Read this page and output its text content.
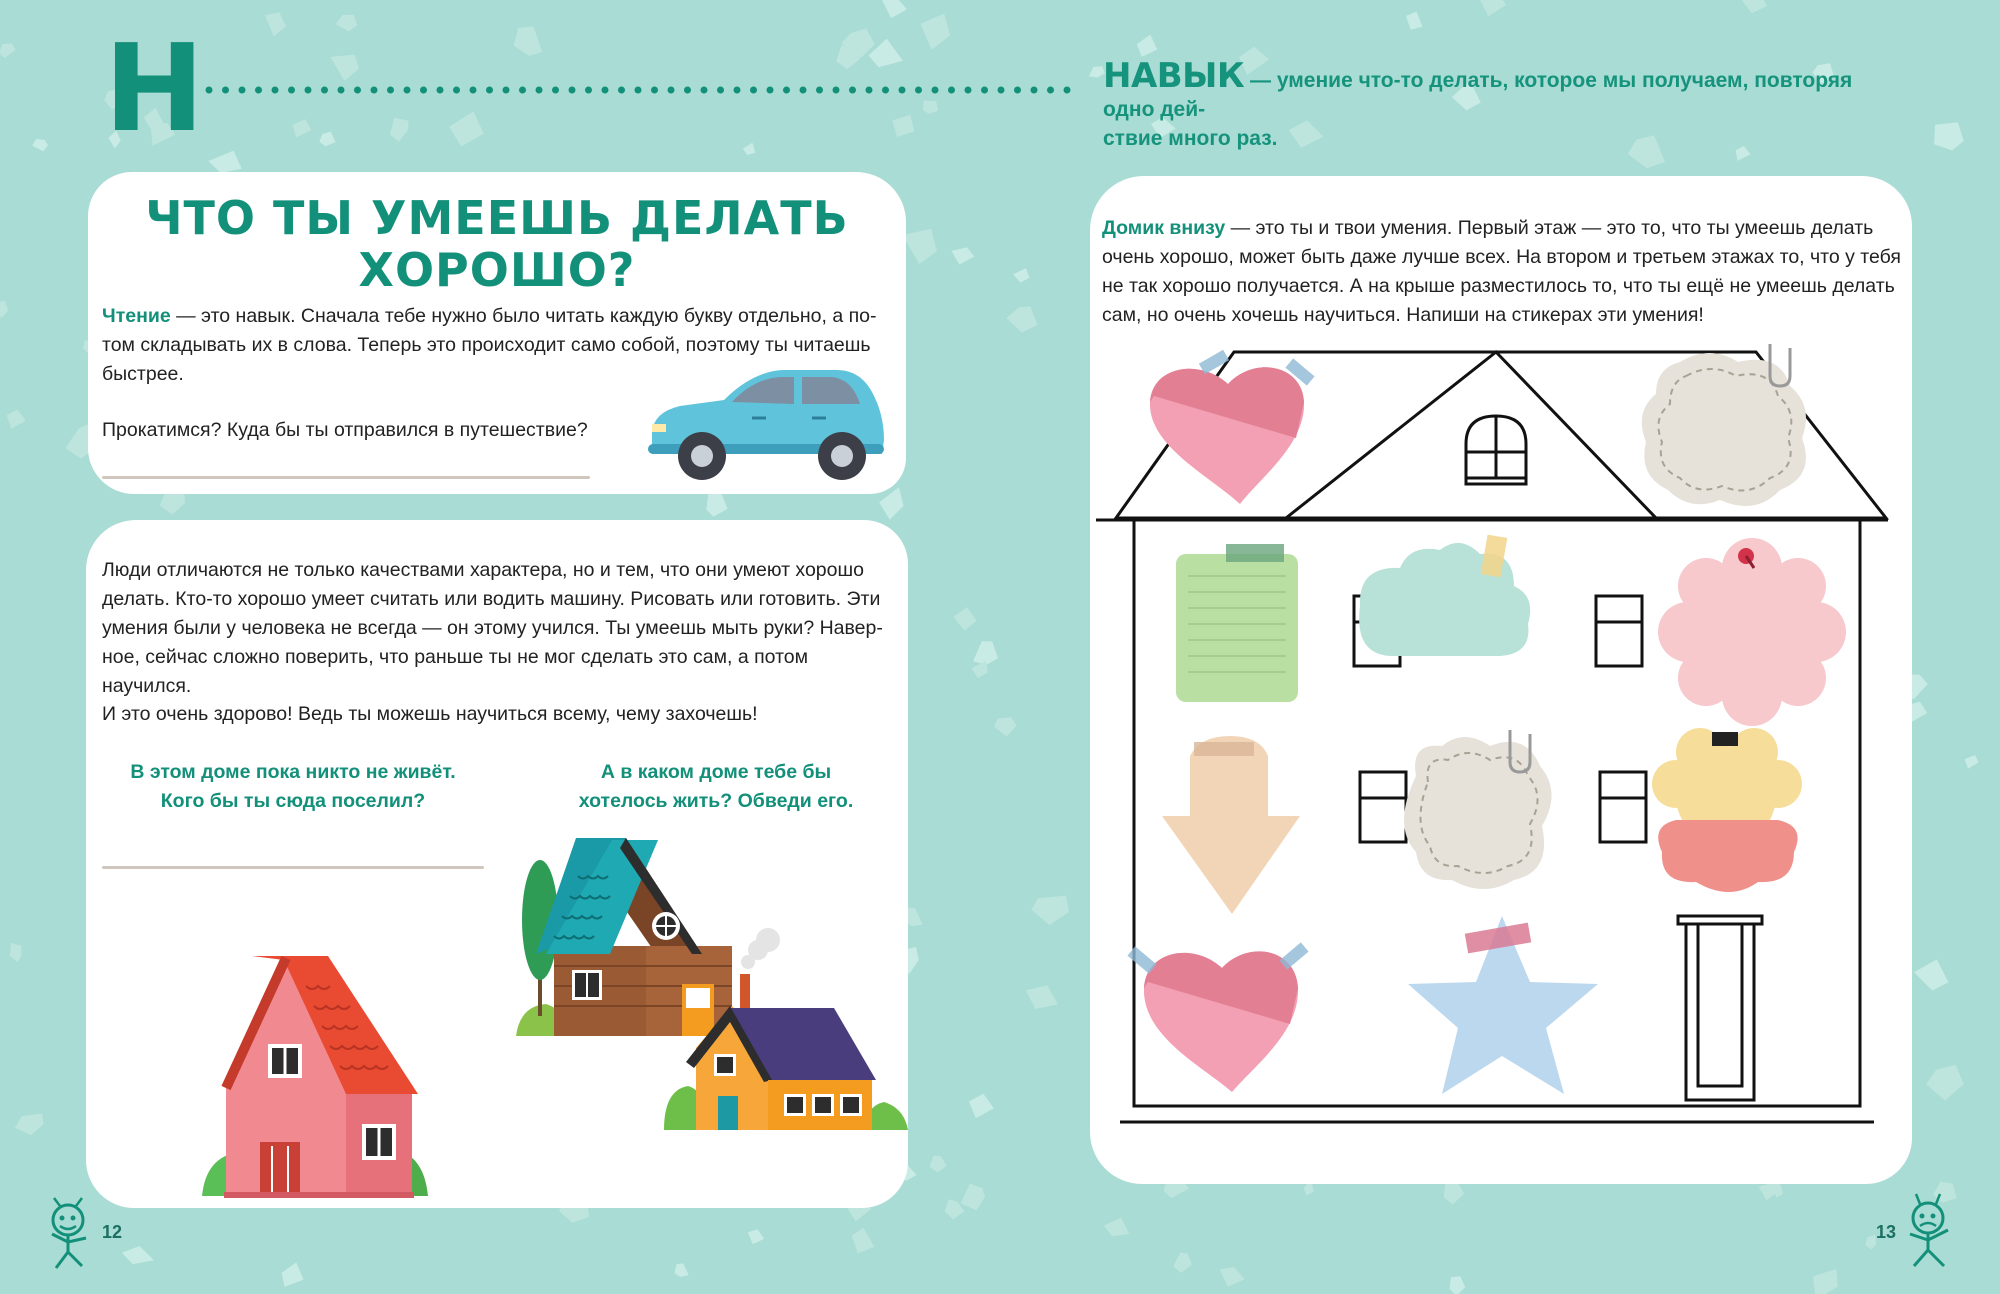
Н	НАВЫК — умение что-то делать, которое мы получаем, повторяя одно дей-
ствие много раз.
ЧТО ТЫ УМЕЕШЬ ДЕЛАТЬ
ХОРОШО?
Чтение — это навык. Сначала тебе нужно было читать каждую букву отдельно, а по-
том складывать их в слова. Теперь это происходит само собой, поэтому ты читаешь
быстрее.
Прокатимся? Куда бы ты отправился в путешествие?
Люди отличаются не только качествами характера, но и тем, что они умеют хорошо
делать. Кто-то хорошо умеет считать или водить машину. Рисовать или готовить. Эти
умения были у человека не всегда — он этому учился. Ты умеешь мыть руки? Навер-
ное, сейчас сложно поверить, что раньше ты не мог сделать это сам, а потом научился.
И это очень здорово! Ведь ты можешь научиться всему, чему захочешь!
В этом доме пока никто не живёт.
Кого бы ты сюда поселил?
А в каком доме тебе бы
хотелось жить? Обведи его.
Домик внизу — это ты и твои умения. Первый этаж — это то, что ты умеешь делать
очень хорошо, может быть даже лучше всех. На втором и третьем этажах то, что у тебя
не так хорошо получается. А на крыше разместилось то, что ты ещё не умеешь делать
сам, но очень хочешь научиться. Напиши на стикерах эти умения!
12	13
